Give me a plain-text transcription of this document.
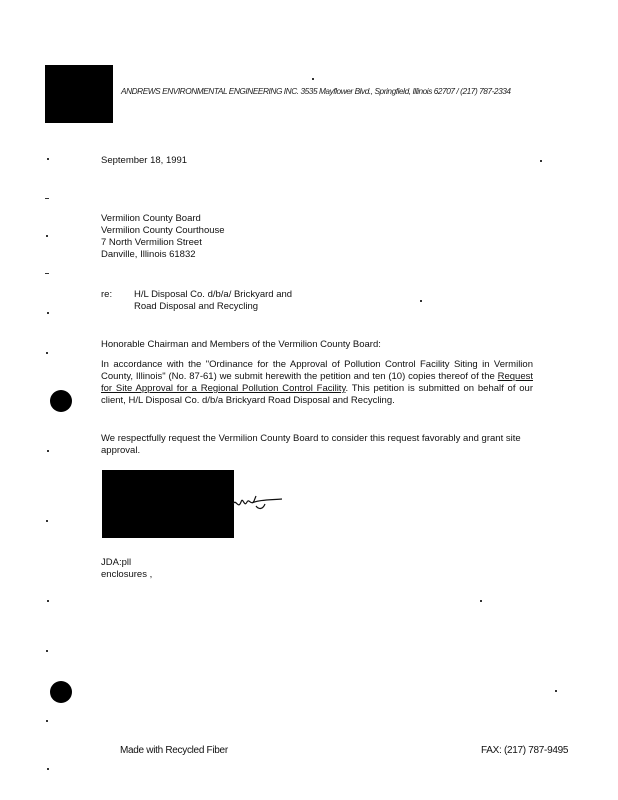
ANDREWS ENVIRONMENTAL ENGINEERING INC. 3535 Mayflower Blvd., Springfield, Illinois 62707 / (217) 787-2334
September 18, 1991
Vermilion County Board
Vermilion County Courthouse
7 North Vermilion Street
Danville, Illinois 61832
re: H/L Disposal Co. d/b/a/ Brickyard and
Road Disposal and Recycling
Honorable Chairman and Members of the Vermilion County Board:
In accordance with the "Ordinance for the Approval of Pollution Control Facility Siting in Vermilion County, Illinois" (No. 87-61) we submit herewith the petition and ten (10) copies thereof of the Request for Site Approval for a Regional Pollution Control Facility. This petition is submitted on behalf of our client, H/L Disposal Co. d/b/a Brickyard Road Disposal and Recycling.
We respectfully request the Vermilion County Board to consider this request favorably and grant site approval.
JDA:pll
enclosures ,
Made with Recycled Fiber	FAX: (217) 787-9495
